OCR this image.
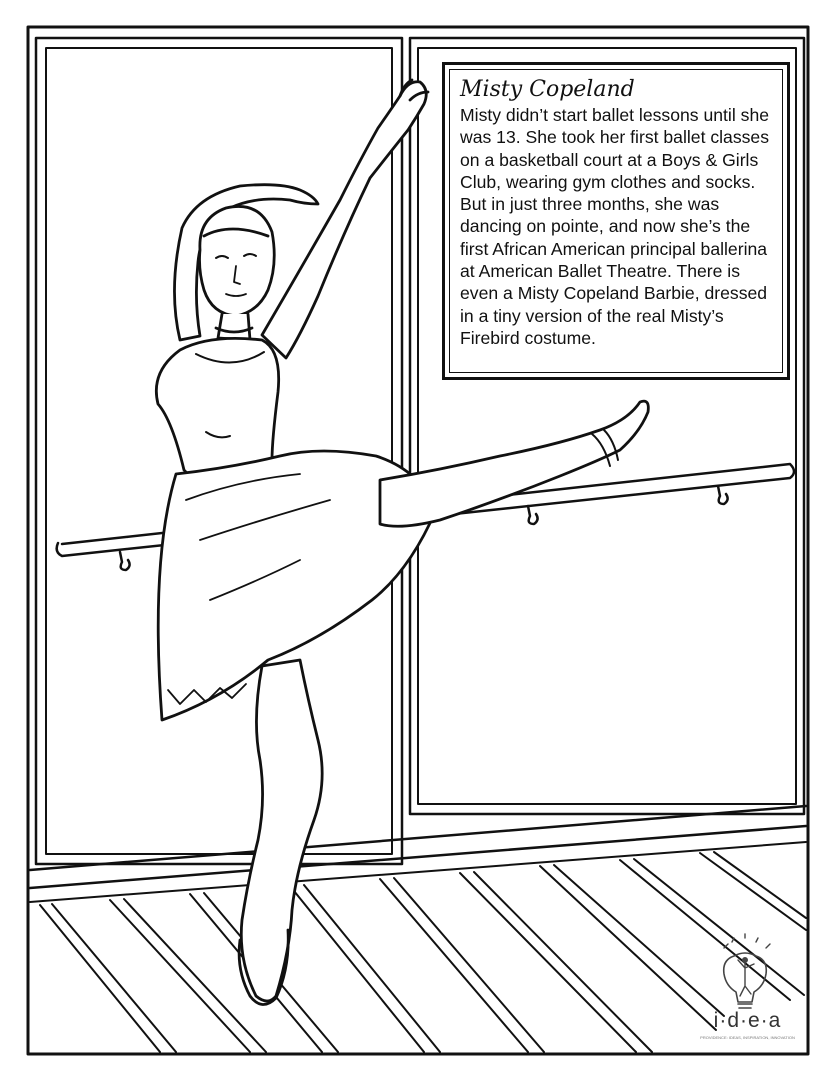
Misty Copeland

Misty didn’t start ballet lessons until she was 13. She took her first ballet classes on a basketball court at a Boys & Girls Club, wearing gym clothes and socks. But in just three months, she was dancing on pointe, and now she’s the first African American principal ballerina at American Ballet Theatre. There is even a Misty Copeland Barbie, dressed in a tiny version of the real Misty’s Firebird costume.

i·d·e·a
PROVIDENCE: IDEAS, INSPIRATION, INNOVATION
